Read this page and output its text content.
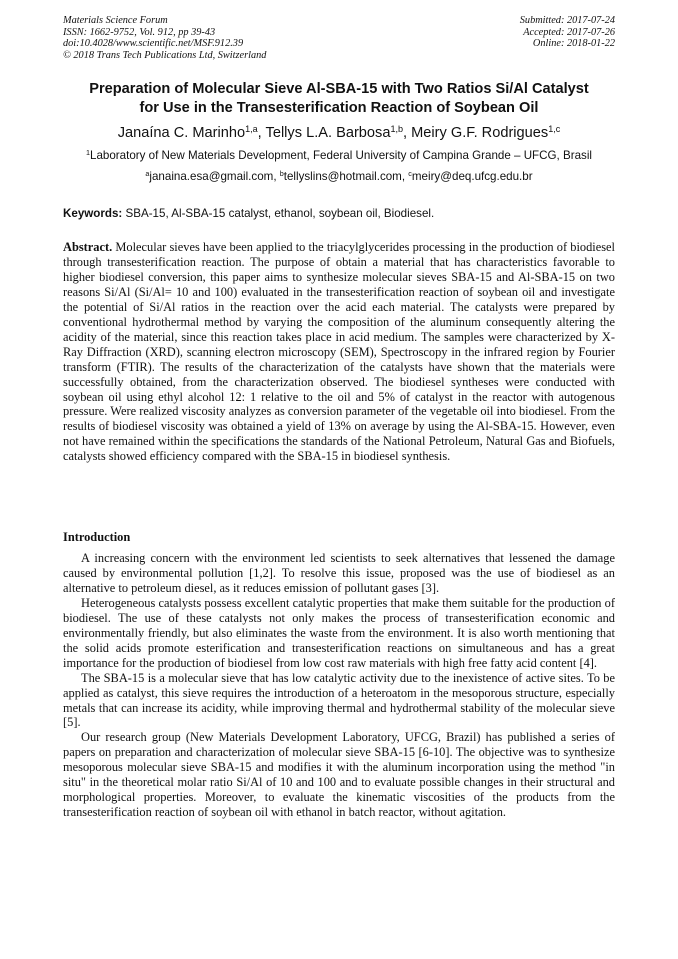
Materials Science Forum
ISSN: 1662-9752, Vol. 912, pp 39-43
doi:10.4028/www.scientific.net/MSF.912.39
© 2018 Trans Tech Publications Ltd, Switzerland
Submitted: 2017-07-24
Accepted: 2017-07-26
Online: 2018-01-22
Preparation of Molecular Sieve Al-SBA-15 with Two Ratios Si/Al Catalyst
for Use in the Transesterification Reaction of Soybean Oil
Janaína C. Marinho$^{1,a}$, Tellys L.A. Barbosa$^{1,b}$, Meiry G.F. Rodrigues$^{1,c}$
$^1$Laboratory of New Materials Development, Federal University of Campina Grande – UFCG, Brasil
$^a$janaina.esa@gmail.com, $^b$tellyslins@hotmail.com, $^c$meiry@deq.ufcg.edu.br
Keywords: SBA-15, Al-SBA-15 catalyst, ethanol, soybean oil, Biodiesel.

Abstract. Molecular sieves have been applied to the triacylglycerides processing in the production of biodiesel through transesterification reaction. The purpose of obtain a material that has characteristics favorable to higher biodiesel conversion, this paper aims to synthesize molecular sieves SBA-15 and Al-SBA-15 on two reasons Si/Al (Si/Al= 10 and 100) evaluated in the transesterification reaction of soybean oil and investigate the potential of Si/Al ratios in the reaction over the acid each material. The catalysts were prepared by conventional hydrothermal method by varying the composition of the aluminum consequently altering the acidity of the material, since this reaction takes place in acid medium. The samples were characterized by X-Ray Diffraction (XRD), scanning electron microscopy (SEM), Spectroscopy in the infrared region by Fourier transform (FTIR). The results of the characterization of the catalysts have shown that the materials were successfully obtained, from the characterization observed. The biodiesel syntheses were conducted with soybean oil using ethyl alcohol 12: 1 relative to the oil and 5% of catalyst in the reactor with autogenous pressure. Were realized viscosity analyzes as conversion parameter of the vegetable oil into biodiesel. From the results of biodiesel viscosity was obtained a yield of 13% on average by using the Al-SBA-15. However, even not have remained within the specifications the standards of the National Petroleum, Natural Gas and Biofuels, catalysts showed efficiency compared with the SBA-15 in biodiesel synthesis.

Introduction

A increasing concern with the environment led scientists to seek alternatives that lessened the damage caused by environmental pollution [1,2]. To resolve this issue, proposed was the use of biodiesel as an alternative to petroleum diesel, as it reduces emission of pollutant gases [3].

Heterogeneous catalysts possess excellent catalytic properties that make them suitable for the production of biodiesel. The use of these catalysts not only makes the process of transesterification economic and environmentally friendly, but also eliminates the waste from the environment. It is also worth mentioning that the solid acids promote esterification and transesterification reactions on simultaneous and has a great importance for the production of biodiesel from low cost raw materials with high free fatty acid content [4].

The SBA-15 is a molecular sieve that has low catalytic activity due to the inexistence of active sites. To be applied as catalyst, this sieve requires the introduction of a heteroatom in the mesoporous structure, especially metals that can increase its acidity, while improving thermal and hydrothermal stability of the molecular sieve [5].

Our research group (New Materials Development Laboratory, UFCG, Brazil) has published a series of papers on preparation and characterization of molecular sieve SBA-15 [6-10]. The objective was to synthesize mesoporous molecular sieve SBA-15 and modifies it with the aluminum incorporation using the method "in situ" in the theoretical molar ratio Si/Al of 10 and 100 and to evaluate possible changes in their structural and morphological properties. Moreover, to evaluate the kinematic viscosities of the products from the transesterification reaction of soybean oil with ethanol in batch reactor, without agitation.
